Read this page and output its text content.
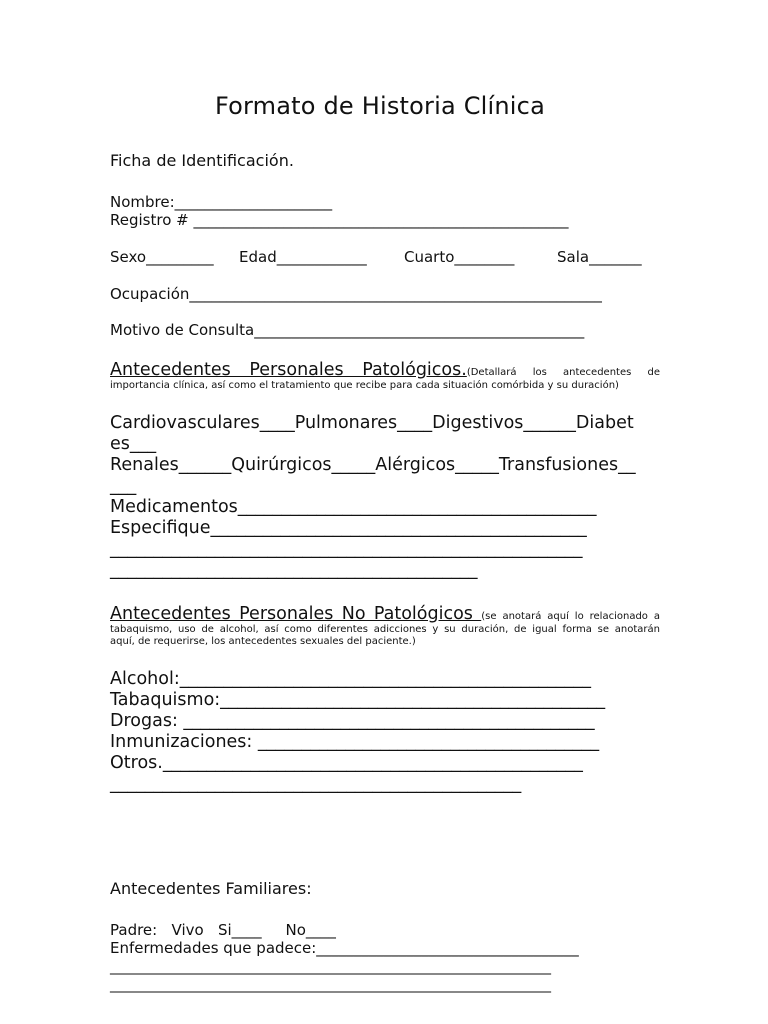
Formato de Historia Clínica
Ficha de Identificación.
Nombre:_____________________
Registro # __________________________________________________
Sexo_________ Edad____________ Cuarto________	Sala_______
Ocupación_______________________________________________________
Motivo de Consulta____________________________________________
Antecedentes Personales Patológicos.(Detallará los antecedentes de
importancia clínica, así como el tratamiento que recibe para cada situación comórbida y su duración)
Cardiovasculares____Pulmonares____Digestivos______Diabet
es___
Renales______Quirúrgicos_____Alérgicos_____Transfusiones__
___
Medicamentos_________________________________________
Especifique___________________________________________
______________________________________________________
__________________________________________
Antecedentes Personales No Patológicos (se anotará aquí lo relacionado a
tabaquismo, uso de alcohol, así como diferentes adicciones y su duración, de igual forma se anotarán
aquí, de requerirse, los antecedentes sexuales del paciente.)
Alcohol:_______________________________________________
Tabaquismo:____________________________________________
Drogas: _______________________________________________
Inmunizaciones: _______________________________________
Otros.________________________________________________
_______________________________________________
Antecedentes Familiares:
Padre:   Vivo   Si____     No____
Enfermedades que padece:___________________________________
_______________________________________________________________
_______________________________________________________________
